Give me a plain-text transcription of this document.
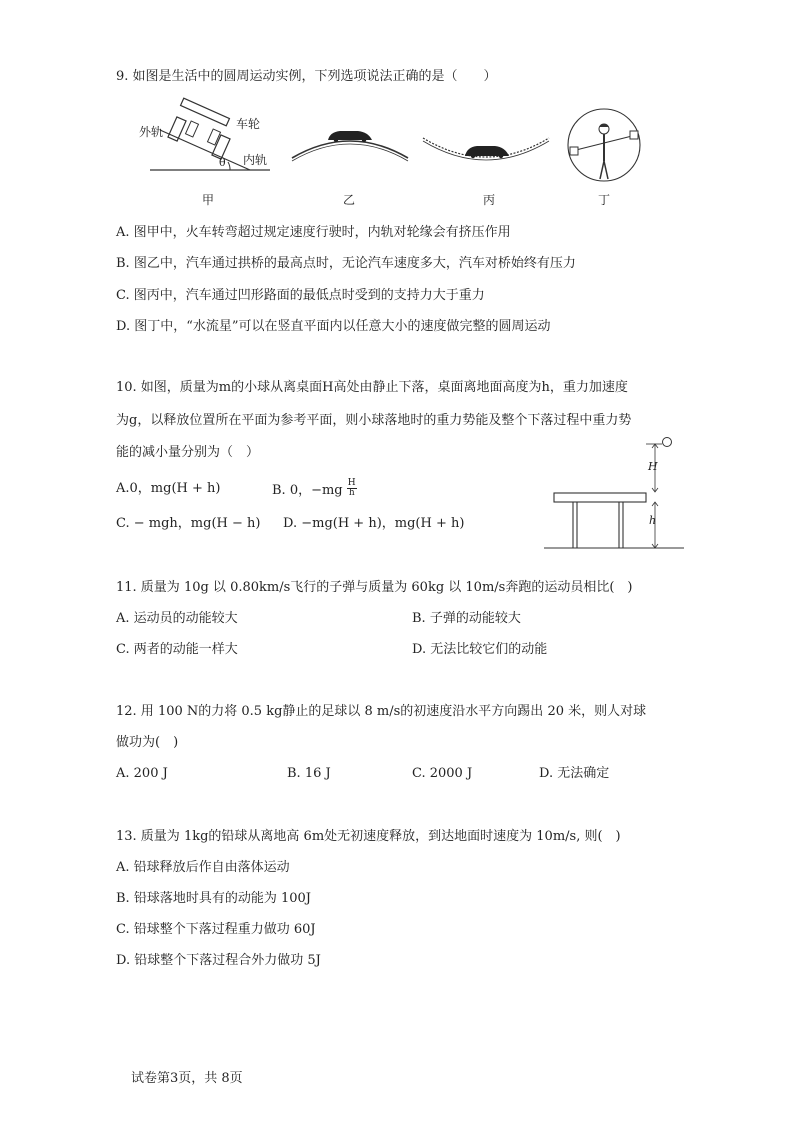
9. 如图是生活中的圆周运动实例，下列选项说法正确的是（　　）
外轨
车轮
内轨
θ
甲	乙	丙	丁
A. 图甲中，火车转弯超过规定速度行驶时，内轨对轮缘会有挤压作用
B. 图乙中，汽车通过拱桥的最高点时，无论汽车速度多大，汽车对桥始终有压力
C. 图丙中，汽车通过凹形路面的最低点时受到的支持力大于重力
D. 图丁中，“水流星”可以在竖直平面内以任意大小的速度做完整的圆周运动
10. 如图，质量为m的小球从离桌面H高处由静止下落，桌面离地面高度为h，重力加速度
为g，以释放位置所在平面为参考平面，则小球落地时的重力势能及整个下落过程中重力势
能的减小量分别为（　）
A.0，mg(H + h)	B. 0，$-mg \frac{H}{h}$
C. − mgh，mg(H − h) D. −mg(H + h)，mg(H + h)
H
h
11. 质量为 10g 以 0.80km/s飞行的子弹与质量为 60kg 以 10m/s奔跑的运动员相比(　)
A. 运动员的动能较大	B. 子弹的动能较大
C. 两者的动能一样大	D. 无法比较它们的动能
12. 用 100 N的力将 0.5 kg静止的足球以 8 m/s的初速度沿水平方向踢出 20 米，则人对球
做功为(　)
A. 200 J	B. 16 J	C. 2000 J	D. 无法确定
13. 质量为 1kg的铅球从离地高 6m处无初速度释放，到达地面时速度为 10m/s, 则(　)
A. 铅球释放后作自由落体运动
B. 铅球落地时具有的动能为 100J
C. 铅球整个下落过程重力做功 60J
D. 铅球整个下落过程合外力做功 5J
试卷第3页，共 8页
